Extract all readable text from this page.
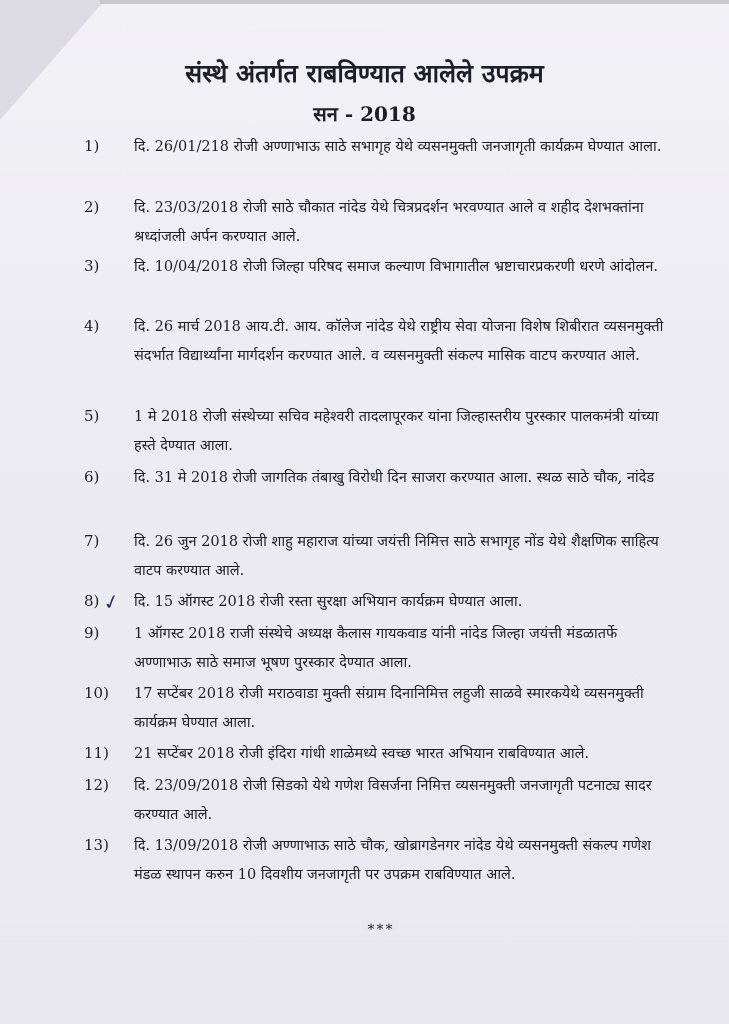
संस्थे अंतर्गत राबविण्यात आलेले उपक्रम
सन - 2018
1) दि. 26/01/218 रोजी अण्णाभाऊ साठे सभागृह येथे व्यसनमुक्ती जनजागृती कार्यक्रम घेण्यात आला.
2) दि. 23/03/2018 रोजी साठे चौकात नांदेड येथे चित्रप्रदर्शन भरवण्यात आले व शहीद देशभक्तांना श्रध्दांजली अर्पन करण्यात आले.
3) दि. 10/04/2018 रोजी जिल्हा परिषद समाज कल्याण विभागातील भ्रष्टाचारप्रकरणी धरणे आंदोलन.
4) दि. 26 मार्च 2018 आय.टी. आय. कॉलेज नांदेड येथे राष्ट्रीय सेवा योजना विशेष शिबीरात व्यसनमुक्ती संदर्भात विद्यार्थ्यांना मार्गदर्शन करण्यात आले. व व्यसनमुक्ती संकल्प मासिक वाटप करण्यात आले.
5) 1 मे 2018 रोजी संस्थेच्या सचिव महेश्वरी तादलापूरकर यांना जिल्हास्तरीय पुरस्कार पालकमंत्री यांच्या हस्ते देण्यात आला.
6) दि. 31 मे 2018 रोजी जागतिक तंबाखु विरोधी दिन साजरा करण्यात आला. स्थळ साठे चौक, नांदेड
7) दि. 26 जुन 2018 रोजी शाहु महाराज यांच्या जयंत्ती निमित्त साठे सभागृह नोंड येथे शैक्षणिक साहित्य वाटप करण्यात आले.
8) दि. 15 ऑगस्ट 2018 रोजी रस्ता सुरक्षा अभियान कार्यक्रम घेण्यात आला.
9) 1 ऑगस्ट 2018 राजी संस्थेचे अध्यक्ष कैलास गायकवाड यांनी नांदेड जिल्हा जयंत्ती मंडळातर्फे अण्णाभाऊ साठे समाज भूषण पुरस्कार देण्यात आला.
10) 17 सप्टेंबर 2018 रोजी मराठवाडा मुक्ती संग्राम दिनानिमित्त लहुजी साळवे स्मारकयेथे व्यसनमुक्ती कार्यक्रम घेण्यात आला.
11) 21 सप्टेंबर 2018 रोजी इंदिरा गांधी शाळेमध्ये स्वच्छ भारत अभियान राबविण्यात आले.
12) दि. 23/09/2018 रोजी सिडको येथे गणेश विसर्जना निमित्त व्यसनमुक्ती जनजागृती पटनाट्य सादर करण्यात आले.
13) दि. 13/09/2018 रोजी अण्णाभाऊ साठे चौक, खोब्रागडेनगर नांदेड येथे व्यसनमुक्ती संकल्प गणेश मंडळ स्थापन करुन 10 दिवशीय जनजागृती पर उपक्रम राबविण्यात आले.
✓
***
